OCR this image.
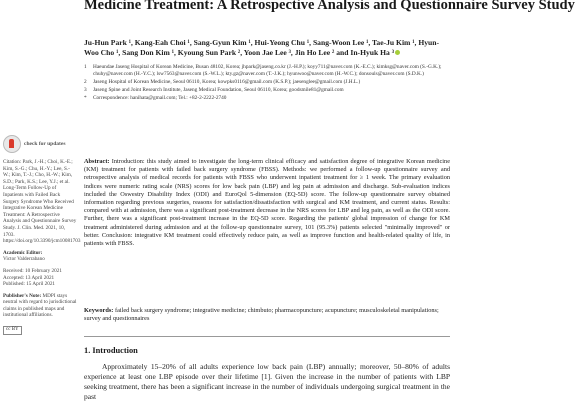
Medicine Treatment: A Retrospective Analysis and Questionnaire Survey Study
Ju-Hun Park ¹, Kang-Eah Choi ¹, Sang-Gyun Kim ¹, Hui-Yeong Chu ¹, Sang-Woon Lee ¹, Tae-Ju Kim ¹, Hyun-Woo Cho ¹, Sang Don Kim ¹, Kyoung Sun Park ², Yoon Jae Lee ³, Jin Ho Lee ² and In-Hyuk Ha ³
1	Haeundae Jaseng Hospital of Korean Medicine, Busan 48102, Korea; jhpark@jaseng.co.kr (J.-H.P.); koyy711@naver.com (K.-E.C.); kimksg@naver.com (S.-G.K.); chuhy@naver.com (H.-Y.C.); lsw7563@naver.com (S.-W.L.); kty.gz@naver.com (T.-J.K.); hyunwoo@naver.com (H.-W.C.); donsouls@naver.com (S.D.K.)
2	Jaseng Hospital of Korean Medicine, Seoul 06110, Korea; kowpks0116@gmail.com (K.S.P.); jaesenglee@gmail.com (J.H.L.)
3	Jaseng Spine and Joint Research Institute, Jaseng Medical Foundation, Seoul 06110, Korea; goodsmile81@gmail.com
*	Correspondence: hanihata@gmail.com; Tel.: +82-2-2222-2740
check for updates
Citation: Park, J.-H.; Choi, K.-E.; Kim, S.-G.; Chu, H.-Y.; Lee, S.-W.; Kim, T.-J.; Cho, H.-W.; Kim, S.D.; Park, K.S.; Lee, Y.J.; et al. Long-Term Follow-Up of Inpatients with Failed Back Surgery Syndrome Who Received Integrative Korean Medicine Treatment: A Retrospective Analysis and Questionnaire Survey Study. J. Clin. Med. 2021, 10, 1703. https://doi.org/10.3390/jcm10081703
Academic Editor:
Victor Valderrabano
Received: 10 February 2021
Accepted: 13 April 2021
Published: 15 April 2021
Publisher's Note: MDPI stays neutral with regard to jurisdictional claims in published maps and institutional affiliations.
cc BY
Abstract: Introduction: this study aimed to investigate the long-term clinical efficacy and satisfaction degree of integrative Korean medicine (KM) treatment for patients with failed back surgery syndrome (FBSS). Methods: we performed a follow-up questionnaire survey and retrospective analysis of medical records for patients with FBSS who underwent inpatient treatment for ≥ 1 week. The primary evaluation indices were numeric rating scale (NRS) scores for low back pain (LBP) and leg pain at admission and discharge. Sub-evaluation indices included the Oswestry Disability Index (ODI) and EuroQol 5-dimension (EQ-5D) score. The follow-up questionnaire survey obtained information regarding previous surgeries, reasons for satisfaction/dissatisfaction with surgical and KM treatment, and current status. Results: compared with at admission, there was a significant post-treatment decrease in the NRS scores for LBP and leg pain, as well as the ODI score. Further, there was a significant post-treatment increase in the EQ-5D score. Regarding the patients' global impression of change for KM treatment administered during admission and at the follow-up questionnaire survey, 101 (95.3%) patients selected "minimally improved" or better. Conclusion: integrative KM treatment could effectively reduce pain, as well as improve function and health-related quality of life, in patients with FBSS.
Keywords: failed back surgery syndrome; integrative medicine; chimbuto; pharmacopuncture; acupuncture; musculoskeletal manipulations; survey and questionnaires
1. Introduction
Approximately 15–20% of all adults experience low back pain (LBP) annually; moreover, 50–80% of adults experience at least one LBP episode over their lifetime [1]. Given the increase in the number of patients with LBP seeking treatment, there has been a significant increase in the number of individuals undergoing surgical treatment in the past
